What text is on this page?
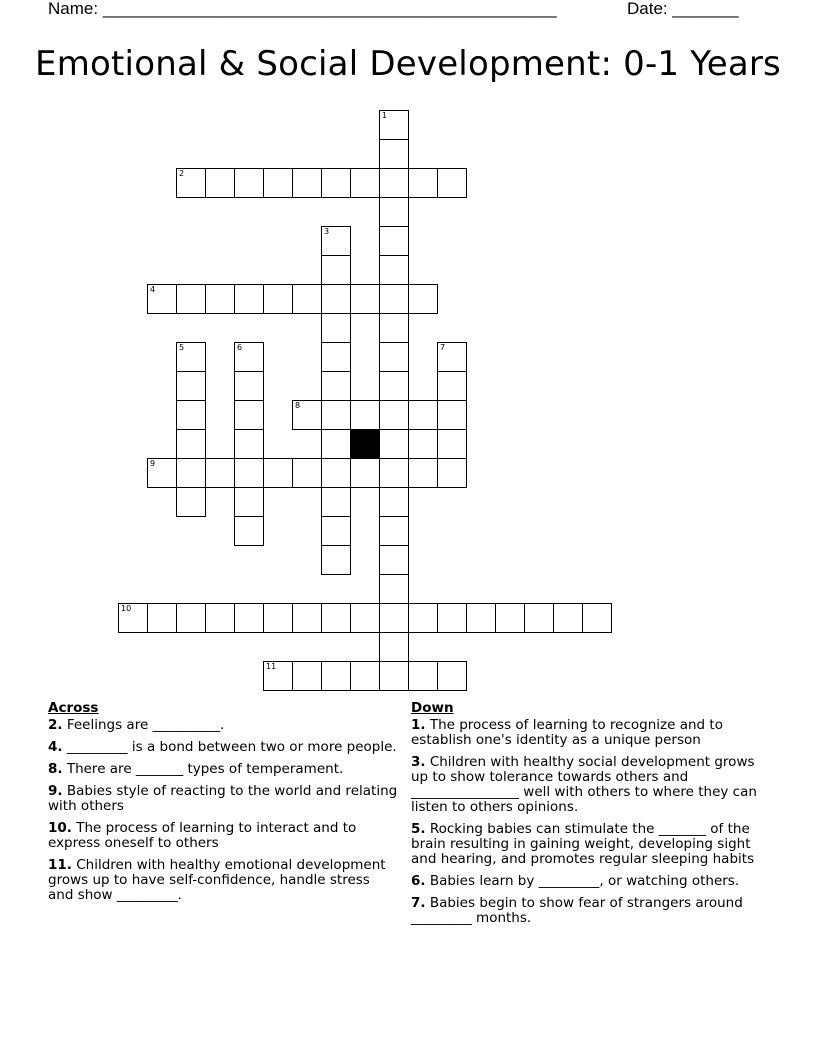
Name: ________________________________________________	Date: _______
Emotional & Social Development: 0-1 Years
1
2
3
4
5	6	7
8
9
10
11
Across
2. Feelings are __________.
4. _________ is a bond between two or more people.
8. There are _______ types of temperament.
9. Babies style of reacting to the world and relating with others
10. The process of learning to interact and to express oneself to others
11. Children with healthy emotional development grows up to have self-confidence, handle stress and show _________.
Down
1. The process of learning to recognize and to establish one's identity as a unique person
3. Children with healthy social development grows up to show tolerance towards others and ________________ well with others to where they can listen to others opinions.
5. Rocking babies can stimulate the _______ of the brain resulting in gaining weight, developing sight and hearing, and promotes regular sleeping habits
6. Babies learn by _________, or watching others.
7. Babies begin to show fear of strangers around _________ months.
